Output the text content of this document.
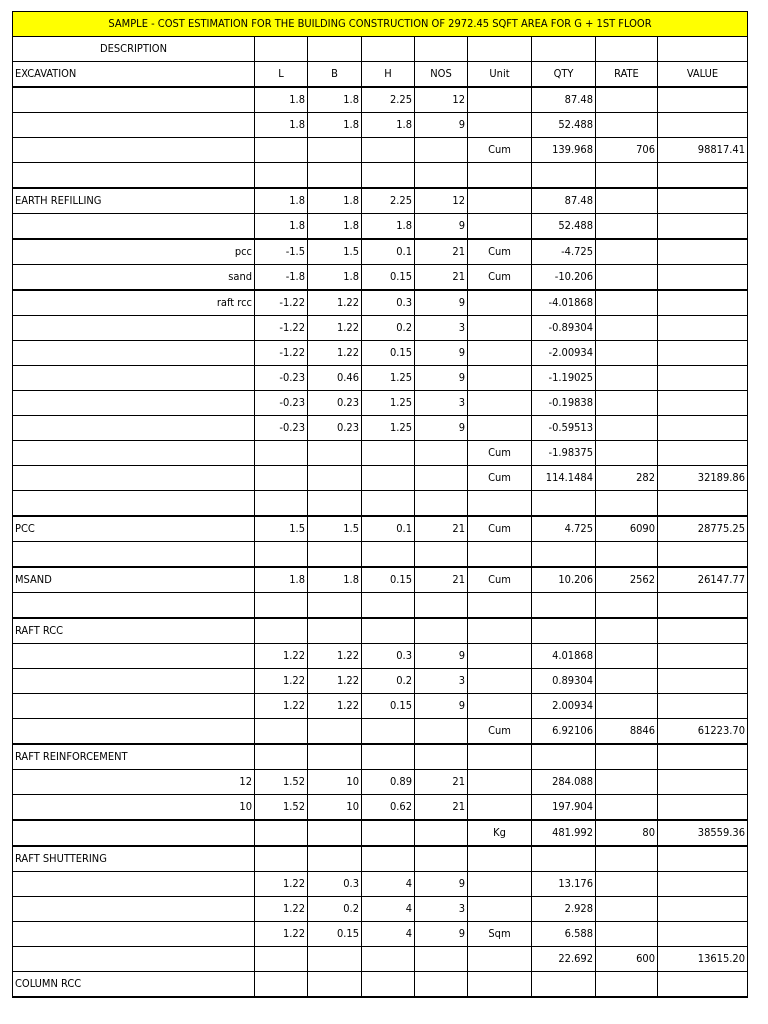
SAMPLE - COST ESTIMATION FOR THE BUILDING CONSTRUCTION OF 2972.45 SQFT AREA FOR G + 1ST FLOOR								
DESCRIPTION								
EXCAVATION	L	B	H	NOS	Unit	QTY	RATE	VALUE
	1.8	1.8	2.25	12		87.48		
	1.8	1.8	1.8	9		52.488		
					Cum	139.968	706	98817.41

EARTH REFILLING	1.8	1.8	2.25	12		87.48		
	1.8	1.8	1.8	9		52.488		
pcc	-1.5	1.5	0.1	21	Cum	-4.725		
sand	-1.8	1.8	0.15	21	Cum	-10.206		
raft rcc	-1.22	1.22	0.3	9		-4.01868		
	-1.22	1.22	0.2	3		-0.89304		
	-1.22	1.22	0.15	9		-2.00934		
	-0.23	0.46	1.25	9		-1.19025		
	-0.23	0.23	1.25	3		-0.19838		
	-0.23	0.23	1.25	9		-0.59513		
					Cum	-1.98375		
					Cum	114.1484	282	32189.86

PCC	1.5	1.5	0.1	21	Cum	4.725	6090	28775.25

MSAND	1.8	1.8	0.15	21	Cum	10.206	2562	26147.77

RAFT RCC								
	1.22	1.22	0.3	9		4.01868		
	1.22	1.22	0.2	3		0.89304		
	1.22	1.22	0.15	9		2.00934		
					Cum	6.92106	8846	61223.70
RAFT REINFORCEMENT								
12	1.52	10	0.89	21		284.088		
10	1.52	10	0.62	21		197.904		
					Kg	481.992	80	38559.36
RAFT SHUTTERING								
	1.22	0.3	4	9		13.176		
	1.22	0.2	4	3		2.928		
	1.22	0.15	4	9	Sqm	6.588		
						22.692	600	13615.20
COLUMN RCC								
